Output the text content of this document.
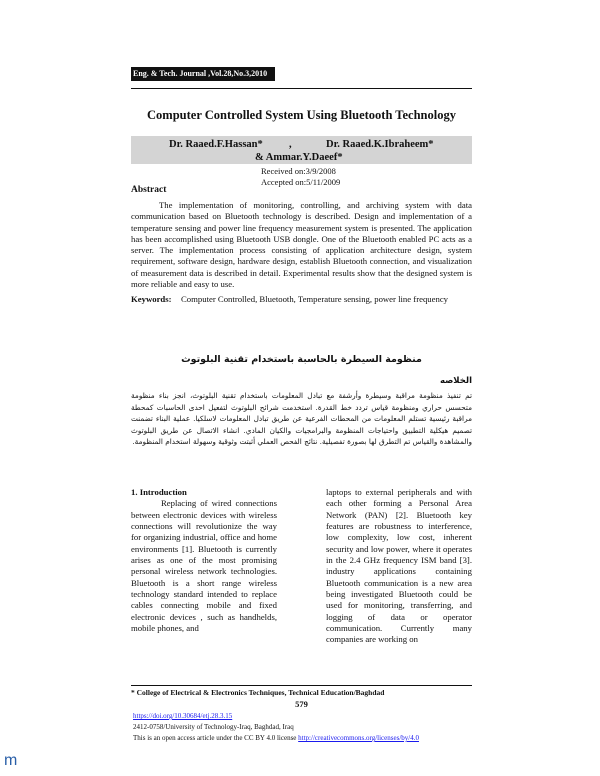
Eng. & Tech. Journal ,Vol.28,No.3,2010
Computer Controlled System Using Bluetooth Technology
Dr. Raaed.F.Hassan*	,	Dr. Raaed.K.Ibraheem*
& Ammar.Y.Daeef*
Received on:3/9/2008
Accepted on:5/11/2009
Abstract
The implementation of monitoring, controlling, and archiving system with data communication based on Bluetooth technology is described. Design and implementation of a temperature sensing and power line frequency measurement system is presented. The application has been accomplished using Bluetooth USB dongle. One of the Bluetooth enabled PC acts as a server. The implementation process consisting of application architecture design, system requirement, software design, hardware design, establish Bluetooth connection, and visualization of measurement data is described in detail. Experimental results show that the designed system is more reliable and easy to use.
Keywords:	Computer Controlled, Bluetooth, Temperature sensing, power line frequency
منظومة السيطرة بالحاسبة باستخدام تقنية البلوتوث
الخلاصه
تم تنفيذ منظومة مراقبة وسيطرة وأرشفة مع تبادل المعلومات باستخدام تقنية البلوتوث، انجز بناء منظومة متحسس حراري ومنظومة قياس تردد خط القدرة. استخدمت شرائح البلوتوث لتفعيل احدى الحاسبات كمحطة مراقبة رئيسية تستلم المعلومات من المحطات الفرعية عن طريق تبادل المعلومات لاسلكيا. عملية البناء تضمنت تصميم هيكلية التطبيق واحتياجات المنظومة والبرامجيات والكيان المادي. انشاء الاتصال عن طريق البلوتوث والمشاهدة والقياس تم التطرق لها بصورة تفصيلية. نتائج الفحص العملي أثبتت وثوقية وسهولة استخدام المنظومة.
1. Introduction
Replacing of wired connections between electronic devices with wireless connections will revolutionize the way for organizing industrial, office and home environments [1]. Bluetooth is currently arises as one of the most promising personal wireless network technologies. Bluetooth is a short range wireless technology standard intended to replace cables connecting mobile and fixed electronic devices , such as handhelds, mobile phones, and
laptops to external peripherals and with each other forming a Personal Area Network (PAN) [2]. Bluetooth key features are robustness to interference, low complexity, low cost, inherent security and low power, where it operates in the 2.4 GHz frequency ISM band [3]. industry applications containing Bluetooth communication is a new area being investigated Bluetooth could be used for monitoring, transferring, and logging of data or operator communication. Currently many companies are working on
* College of Electrical & Electronics Techniques, Technical Education/Baghdad
579
https://doi.org/10.30684/etj.28.3.15
2412-0758/University of Technology-Iraq, Baghdad, Iraq
This is an open access article under the CC BY 4.0 license http://creativecommons.org/licenses/by/4.0
m
